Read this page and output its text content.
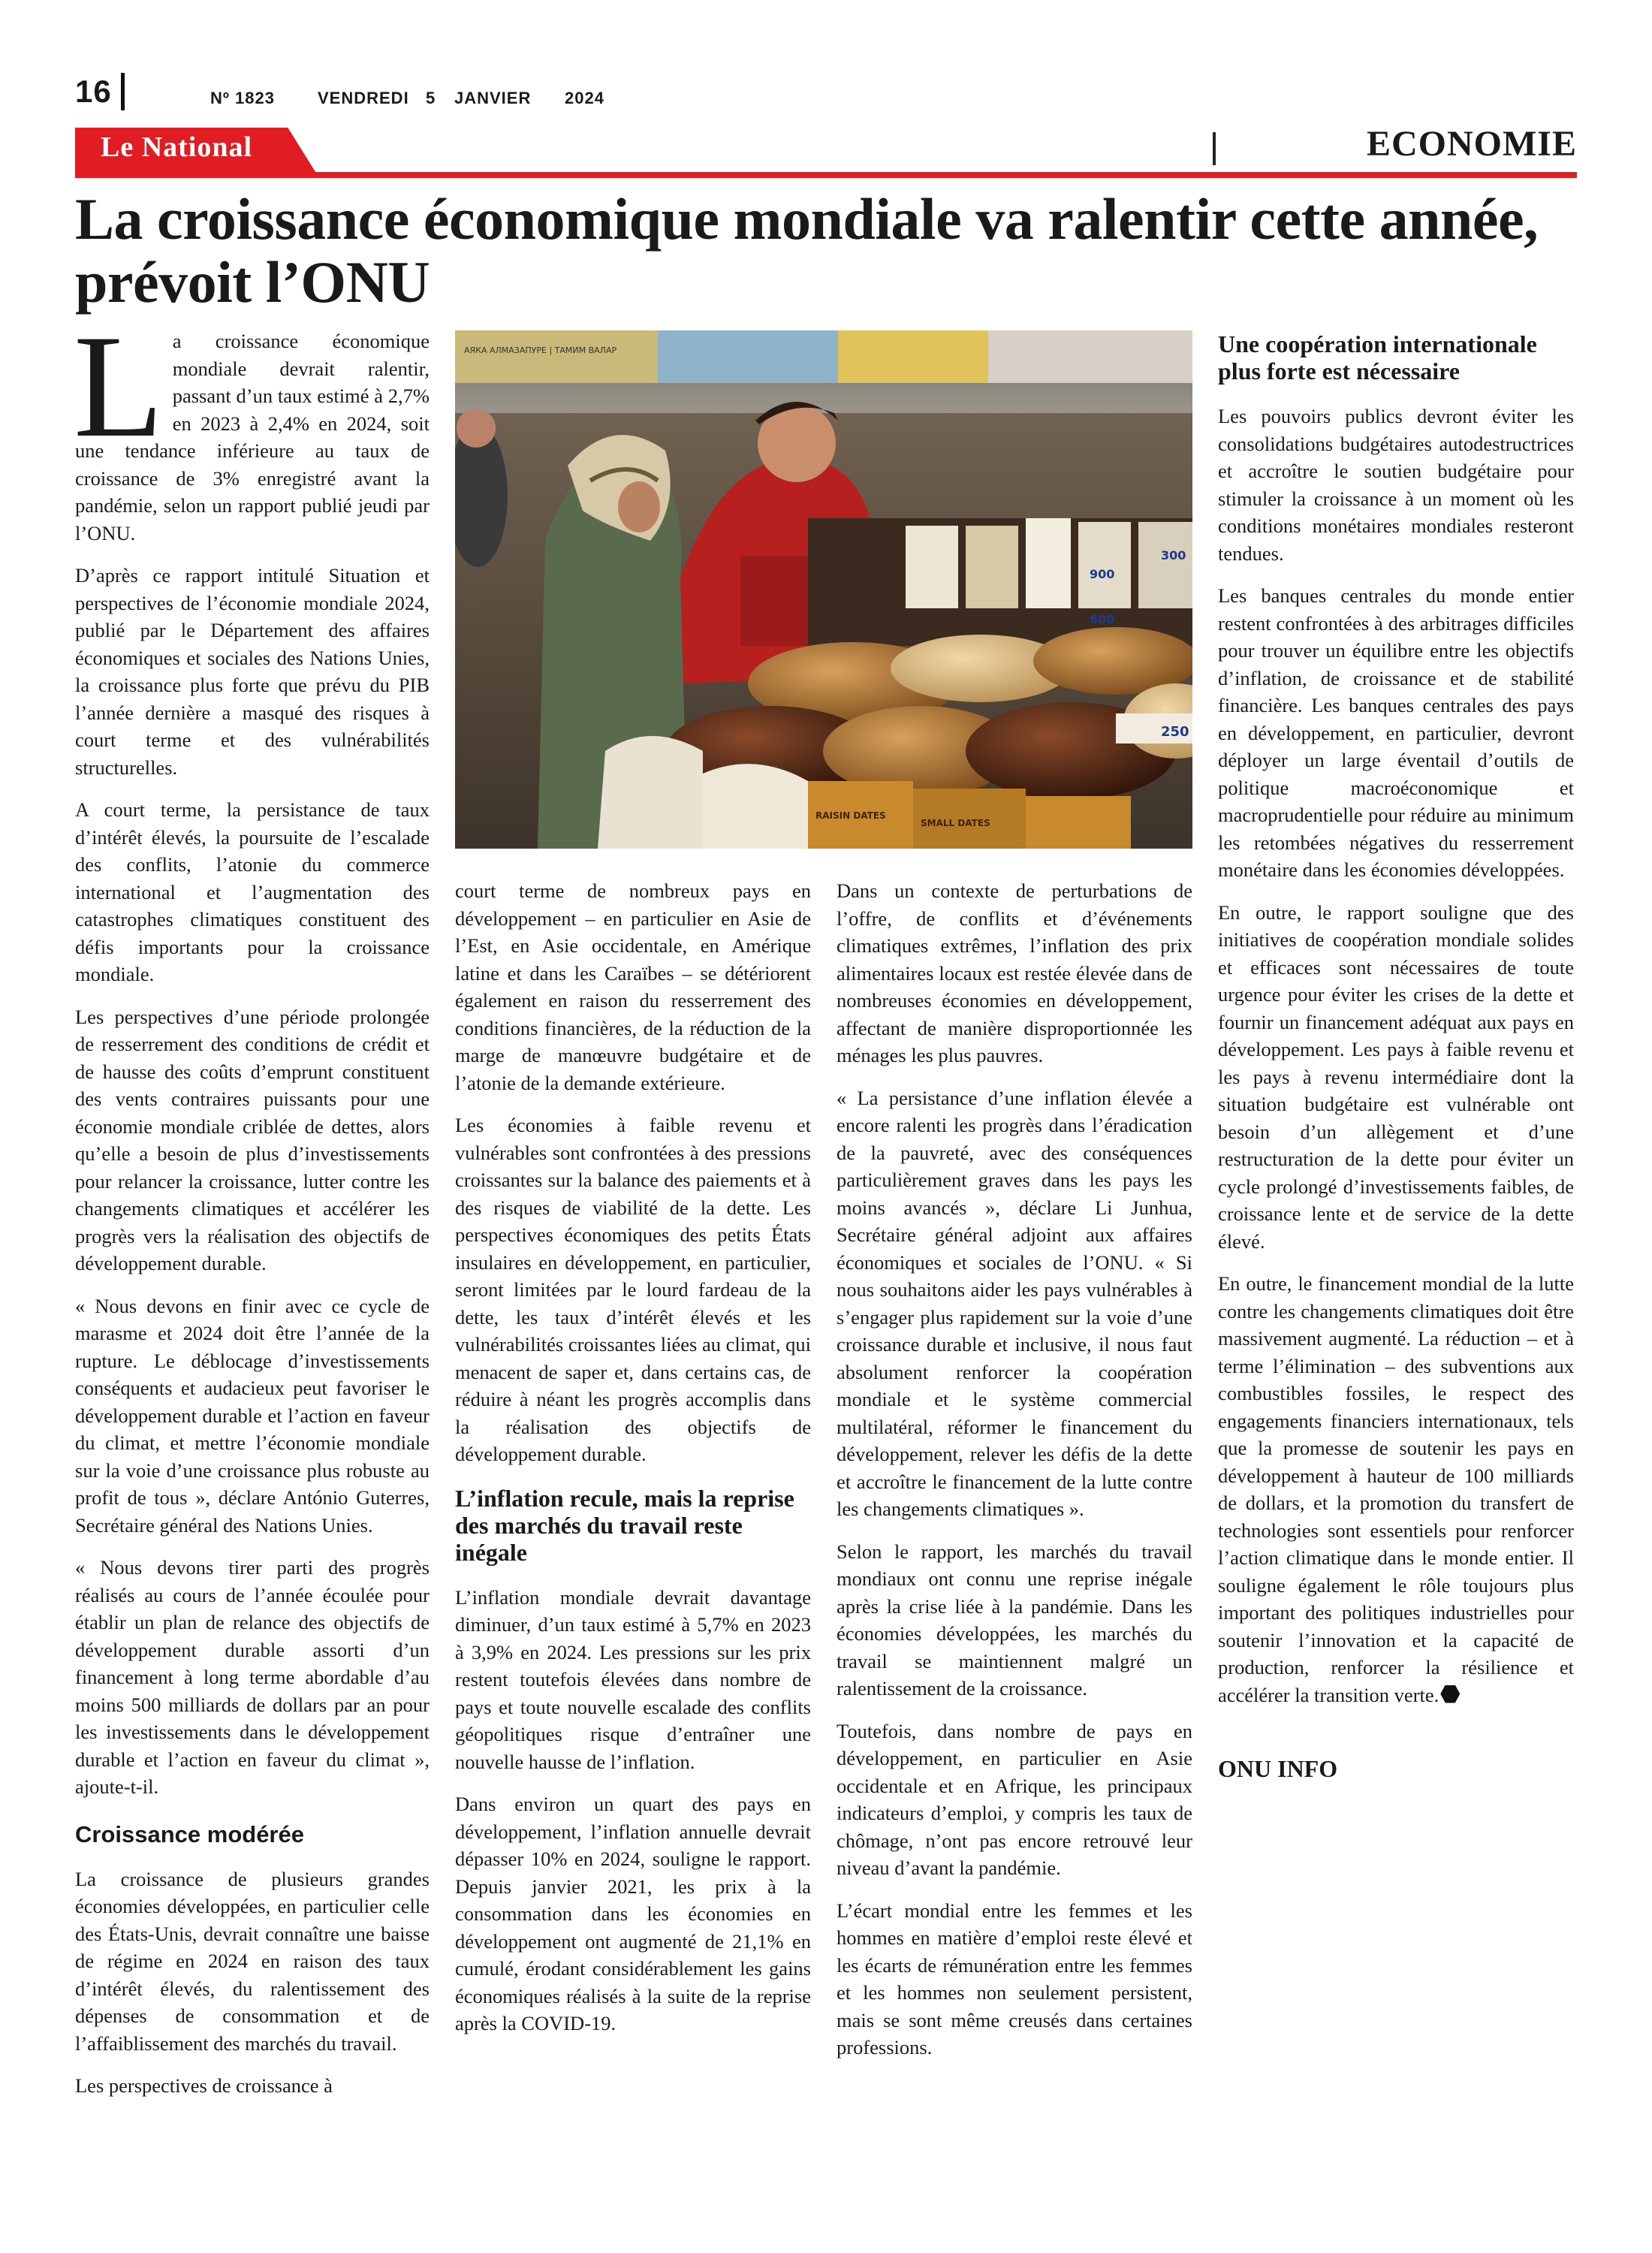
16	Nº 1823	VENDREDI 5 JANVIER 2024
Le National	ECONOMIE
La croissance économique mondiale va ralentir cette année, prévoit l’ONU

La croissance économique mondiale devrait ralentir, passant d’un taux estimé à 2,7% en 2023 à 2,4% en 2024, soit une tendance inférieure au taux de croissance de 3% enregistré avant la pandémie, selon un rapport publié jeudi par l’ONU.

D’après ce rapport intitulé Situation et perspectives de l’économie mondiale 2024, publié par le Département des affaires économiques et sociales des Nations Unies, la croissance plus forte que prévu du PIB l’année dernière a masqué des risques à court terme et des vulnérabilités structurelles.

A court terme, la persistance de taux d’intérêt élevés, la poursuite de l’escalade des conflits, l’atonie du commerce international et l’augmentation des catastrophes climatiques constituent des défis importants pour la croissance mondiale.

Les perspectives d’une période prolongée de resserrement des conditions de crédit et de hausse des coûts d’emprunt constituent des vents contraires puissants pour une économie mondiale criblée de dettes, alors qu’elle a besoin de plus d’investissements pour relancer la croissance, lutter contre les changements climatiques et accélérer les progrès vers la réalisation des objectifs de développement durable.

« Nous devons en finir avec ce cycle de marasme et 2024 doit être l’année de la rupture. Le déblocage d’investissements conséquents et audacieux peut favoriser le développement durable et l’action en faveur du climat, et mettre l’économie mondiale sur la voie d’une croissance plus robuste au profit de tous », déclare António Guterres, Secrétaire général des Nations Unies.

« Nous devons tirer parti des progrès réalisés au cours de l’année écoulée pour établir un plan de relance des objectifs de développement durable assorti d’un financement à long terme abordable d’au moins 500 milliards de dollars par an pour les investissements dans le développement durable et l’action en faveur du climat », ajoute-t-il.

Croissance modérée

La croissance de plusieurs grandes économies développées, en particulier celle des États-Unis, devrait connaître une baisse de régime en 2024 en raison des taux d’intérêt élevés, du ralentissement des dépenses de consommation et de l’affaiblissement des marchés du travail.

Les perspectives de croissance à

АЯКА АЛМАЗАПУРЕ | ТАМИМ ВАЛАР
300
900
600
250
RAISIN DATES
SMALL DATES

court terme de nombreux pays en développement – en particulier en Asie de l’Est, en Asie occidentale, en Amérique latine et dans les Caraïbes – se détériorent également en raison du resserrement des conditions financières, de la réduction de la marge de manœuvre budgétaire et de l’atonie de la demande extérieure.

Les économies à faible revenu et vulnérables sont confrontées à des pressions croissantes sur la balance des paiements et à des risques de viabilité de la dette. Les perspectives économiques des petits États insulaires en développement, en particulier, seront limitées par le lourd fardeau de la dette, les taux d’intérêt élevés et les vulnérabilités croissantes liées au climat, qui menacent de saper et, dans certains cas, de réduire à néant les progrès accomplis dans la réalisation des objectifs de développement durable.

L’inflation recule, mais la reprise des marchés du travail reste inégale

L’inflation mondiale devrait davantage diminuer, d’un taux estimé à 5,7% en 2023 à 3,9% en 2024. Les pressions sur les prix restent toutefois élevées dans nombre de pays et toute nouvelle escalade des conflits géopolitiques risque d’entraîner une nouvelle hausse de l’inflation.

Dans environ un quart des pays en développement, l’inflation annuelle devrait dépasser 10% en 2024, souligne le rapport. Depuis janvier 2021, les prix à la consommation dans les économies en développement ont augmenté de 21,1% en cumulé, érodant considérablement les gains économiques réalisés à la suite de la reprise après la COVID-19.

Dans un contexte de perturbations de l’offre, de conflits et d’événements climatiques extrêmes, l’inflation des prix alimentaires locaux est restée élevée dans de nombreuses économies en développement, affectant de manière disproportionnée les ménages les plus pauvres.

« La persistance d’une inflation élevée a encore ralenti les progrès dans l’éradication de la pauvreté, avec des conséquences particulièrement graves dans les pays les moins avancés », déclare Li Junhua, Secrétaire général adjoint aux affaires économiques et sociales de l’ONU. « Si nous souhaitons aider les pays vulnérables à s’engager plus rapidement sur la voie d’une croissance durable et inclusive, il nous faut absolument renforcer la coopération mondiale et le système commercial multilatéral, réformer le financement du développement, relever les défis de la dette et accroître le financement de la lutte contre les changements climatiques ».

Selon le rapport, les marchés du travail mondiaux ont connu une reprise inégale après la crise liée à la pandémie. Dans les économies développées, les marchés du travail se maintiennent malgré un ralentissement de la croissance.

Toutefois, dans nombre de pays en développement, en particulier en Asie occidentale et en Afrique, les principaux indicateurs d’emploi, y compris les taux de chômage, n’ont pas encore retrouvé leur niveau d’avant la pandémie.

L’écart mondial entre les femmes et les hommes en matière d’emploi reste élevé et les écarts de rémunération entre les femmes et les hommes non seulement persistent, mais se sont même creusés dans certaines professions.

Une coopération internationale plus forte est nécessaire

Les pouvoirs publics devront éviter les consolidations budgétaires autodestructrices et accroître le soutien budgétaire pour stimuler la croissance à un moment où les conditions monétaires mondiales resteront tendues.

Les banques centrales du monde entier restent confrontées à des arbitrages difficiles pour trouver un équilibre entre les objectifs d’inflation, de croissance et de stabilité financière. Les banques centrales des pays en développement, en particulier, devront déployer un large éventail d’outils de politique macroéconomique et macroprudentielle pour réduire au minimum les retombées négatives du resserrement monétaire dans les économies développées.

En outre, le rapport souligne que des initiatives de coopération mondiale solides et efficaces sont nécessaires de toute urgence pour éviter les crises de la dette et fournir un financement adéquat aux pays en développement. Les pays à faible revenu et les pays à revenu intermédiaire dont la situation budgétaire est vulnérable ont besoin d’un allègement et d’une restructuration de la dette pour éviter un cycle prolongé d’investissements faibles, de croissance lente et de service de la dette élevé.

En outre, le financement mondial de la lutte contre les changements climatiques doit être massivement augmenté. La réduction – et à terme l’élimination – des subventions aux combustibles fossiles, le respect des engagements financiers internationaux, tels que la promesse de soutenir les pays en développement à hauteur de 100 milliards de dollars, et la promotion du transfert de technologies sont essentiels pour renforcer l’action climatique dans le monde entier. Il souligne également le rôle toujours plus important des politiques industrielles pour soutenir l’innovation et la capacité de production, renforcer la résilience et accélérer la transition verte.

ONU INFO
